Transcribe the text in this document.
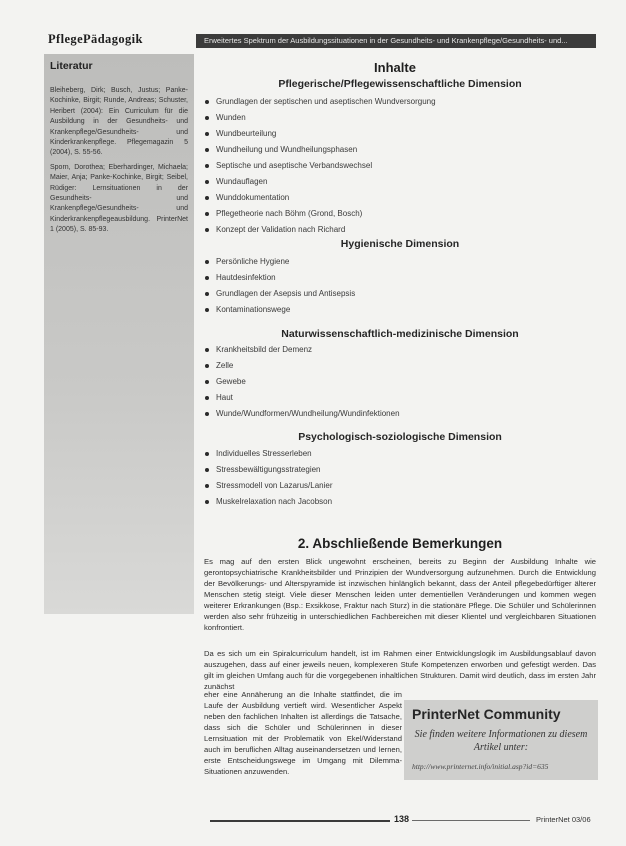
PflegePädagogik	Erweitertes Spektrum der Ausbildungssituationen in der Gesundheits- und Krankenpflege/Gesundheits- und...
Literatur

Bleiheberg, Dirk; Busch, Justus; Panke-Kochinke, Birgit; Runde, Andreas; Schuster, Heribert (2004): Ein Curriculum für die Ausbildung in der Gesundheits- und Krankenpflege/Gesundheits- und Kinderkrankenpflege. Pflegemagazin 5 (2004), S. 55-56.

Sporn, Dorothea; Eberhardinger, Michaela; Maier, Anja; Panke-Kochinke, Birgit; Seibel, Rüdiger: Lernsituationen in der Gesundheits- und Krankenpflege/Gesundheits- und Kinderkrankenpflegeausbildung. PrinterNet 1 (2005), S. 85-93.

Inhalte
Pflegerische/Pflegewissenschaftliche Dimension
Grundlagen der septischen und aseptischen Wundversorgung
Wunden
Wundbeurteilung
Wundheilung und Wundheilungsphasen
Septische und aseptische Verbandswechsel
Wundauflagen
Wunddokumentation
Pflegetheorie nach Böhm (Grond, Bosch)
Konzept der Validation nach Richard
Hygienische Dimension
Persönliche Hygiene
Hautdesinfektion
Grundlagen der Asepsis und Antisepsis
Kontaminationswege
Naturwissenschaftlich-medizinische Dimension
Krankheitsbild der Demenz
Zelle
Gewebe
Haut
Wunde/Wundformen/Wundheilung/Wundinfektionen
Psychologisch-soziologische Dimension
Individuelles Stresserleben
Stressbewältigungsstrategien
Stressmodell von Lazarus/Lanier
Muskelrelaxation nach Jacobson
2. Abschließende Bemerkungen

Es mag auf den ersten Blick ungewohnt erscheinen, bereits zu Beginn der Ausbildung Inhalte wie gerontopsychiatrische Krankheitsbilder und Prinzipien der Wundversorgung aufzunehmen. Durch die Entwicklung der Bevölkerungs- und Alterspyramide ist inzwischen hinlänglich bekannt, dass der Anteil pflegebedürftiger älterer Menschen stetig steigt. Viele dieser Menschen leiden unter dementiellen Veränderungen und kommen wegen weiterer Erkrankungen (Bsp.: Exsikkose, Fraktur nach Sturz) in die stationäre Pflege. Die Schüler und Schülerinnen werden also sehr frühzeitig in unterschiedlichen Fachbereichen mit dieser Klientel und vergleichbaren Situationen konfrontiert.

Da es sich um ein Spiralcurriculum handelt, ist im Rahmen einer Entwicklungslogik im Ausbildungsablauf davon auszugehen, dass auf einer jeweils neuen, komplexeren Stufe Kompetenzen erworben und gefestigt werden. Das gilt im gleichen Umfang auch für die vorgegebenen inhaltlichen Strukturen. Damit wird deutlich, dass im ersten Jahr zunächst

eher eine Annäherung an die Inhalte stattfindet, die im Laufe der Ausbildung vertieft wird. Wesentlicher Aspekt neben den fachlichen Inhalten ist allerdings die Tatsache, dass sich die Schüler und Schülerinnen in dieser Lernsituation mit der Problematik von Ekel/Widerstand auch im beruflichen Alltag auseinandersetzen und lernen, erste Entscheidungswege im Umgang mit Dilemma-Situationen anzuwenden.

PrinterNet Community
Sie finden weitere Informationen zu diesem Artikel unter:
http://www.printernet.info/initial.asp?id=635
138	PrinterNet 03/06
